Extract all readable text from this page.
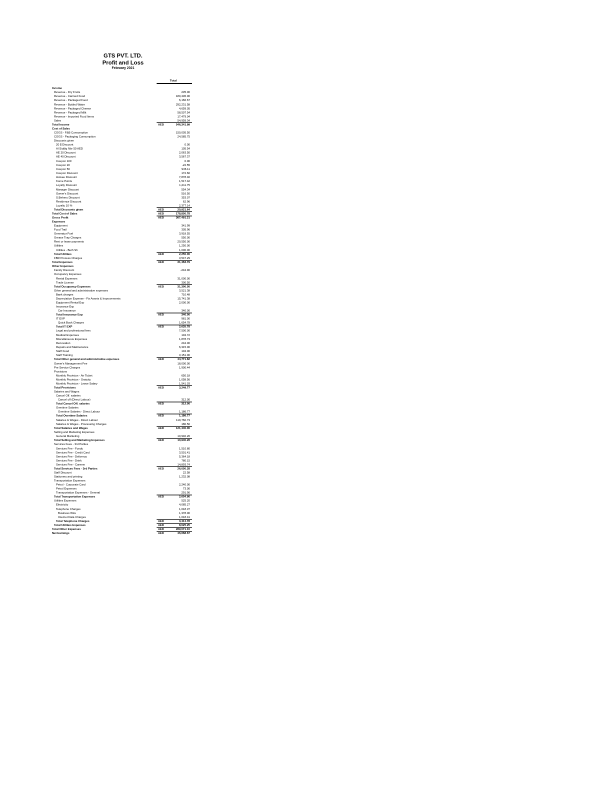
GTS PVT. LTD.
Profit and Loss
February 2021
Total
Income
Revenue - Dry Fruits	235.00
Revenue - Canned Food	180,436.00
Revenue - Packaged Food	6,166.67
Revenue - Bottled Water	292,231.58
Revenue - Packaged Cheese	4,659.05
Revenue - Packaged Milk	58,507.54
Revenue - Imported Food Items	17,479.04
Sales	54,959.34
Total Income	AED 546,341.99
Cost of Sales
COGS - F&B Consumption	150,005.50
COGS - Packaging Consumption	24,585.75
Discounts given
20 $ Discount	0.00
Al Siddiq Nbr 50 AED	105.54
AE 20 Discount	2,063.50
AE 40 Discount	3,567.37
Coupon 100	0.00
Coupon 20	-22.55
Coupon 50	936.11
Coupon Discount	172.60
Hotsee Discount	7,878.40
Kome Points	1,517.42
Loyalty Discount	1,211.75
Manager Discount	554.34
Owner's Discount	516.50
S.Beheru Discount	353.07
Residence Discount	62.96
Loyalty 10 %	2,377.14
Total Discounts given	AED 20,921.64
Total Cost of Sales	AED 178,850.78
Gross Profit	AED 367,491.21
Expenses
Equipment	341.99
Food Trail	305.96
Generator Fuel	3,918.55
Grease Trap Charges	550.00
Rent or lease payments	20,550.00
Utilities	1,250.00
Utilities - Beth Sh	1,000.00
Total Utilities	AED 2,250.00
FBR Process Charges	3,547.29
Total Expenses	AED 31,463.79
Other Expenses
Family Discount	-244.90
Occupancy Expenses
Rental Expenses	31,000.00
Trade License	300.50
Total Occupancy Expenses	AED 31,300.50
Other general and administrative expenses	3,521.38
Bank charges	710.48
Depreciation Expense - Fix Assets & Improvements	15,741.38
Equipment Rental Exp	2,000.00
Insurance Exp
Car Insurance	340.00
Total Insurance Exp	AED 340.00
IT EXP	981.00
Quick Book Charges	1,654.78
Total IT EXP	AED 2,635.78
Legal and professional fees	7,500.00
Medical Expenses	104.72
Miscellaneous Expenses	1,878.73
Renovation	244.00
Repairs and Maintenance	6,315.00
Staff Food	104.00
Staff Training	3,151.00
Total Other general and administrative expenses	AED 44,771.82
Owner's Management Fee	18,000.00
Pre Service Charges	1,900.44
Provisions
Monthly Provision - Air Ticket	650.18
Monthly Provision - Gratuity	1,058.56
Monthly Provision - Leave Salary	1,541.03
Total Provisions	AED 3,249.77
Salaries and Wages
Cancel Off. salaries
Cancel off (Direct Labour)	312.00
Total Cancel Off. salaries	AED 312.00
Overtime Salaries
Overtime Salaries - Direct Labour	1,186.77
Total Overtime Salaries	AED 1,186.77
Salaries & Wages - Direct Labour	119,760.73
Salaries & Wages - Processing Charges	180.50
Total Salaries and Wages	AED 121,440.00
Selling and Marketing Expenses
General Marketing	10,940.26
Total Selling and Marketing Expenses	AED 10,940.26
Services Fees - 3rd Parties
Services Fee - Fondu	1,510.80
Services Fee - Credit Card	3,501.41
Services Fee - Deliveroo	5,364.18
Services Fee - Drink	780.15
Services Fee - Careem	14,893.74
Total Services Fees - 3rd Parties	AED 26,050.28
Staff Discount	22.58
Stationery and printing	1,232.08
Transportation Expenses
Petrol - Corporate Card	2,240.00
Petrol Expenses	73.00
Transportation Expenses - General	291.90
Total Transportation Expenses	AED 2,604.90
Utilities Expenses	525.20
Electricity	4,085.27
Telephone Charges	1,018.37
Business Wire	1,378.00
Internet Data Charges	1,018.41
Total Telephone Charges	AED 3,414.78
Total Utilities Expenses	AED 8,025.25
Total Other Expenses	AED 289,071.10
Net Earnings	AED 46,668.67
